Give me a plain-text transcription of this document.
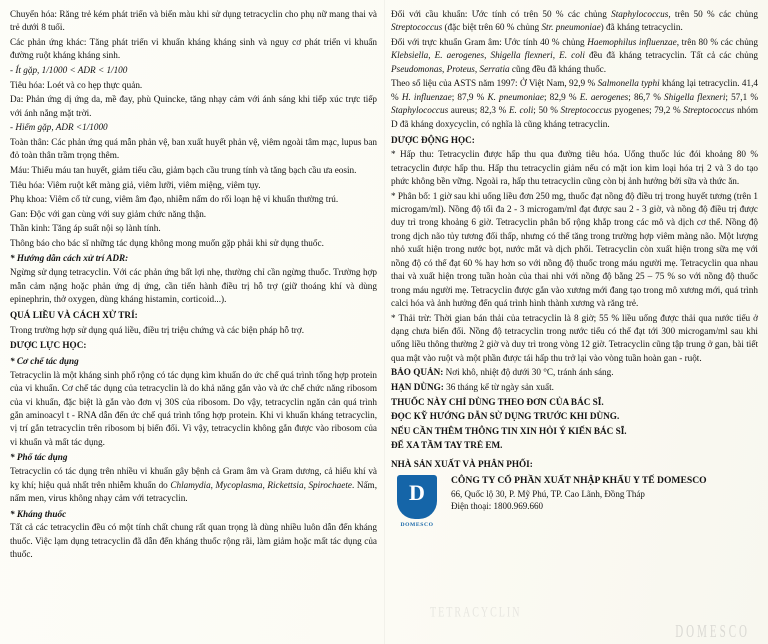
Chuyển hóa: Răng trẻ kém phát triển và biến màu khi sử dụng tetracyclin cho phụ nữ mang thai và trẻ dưới 8 tuổi.

Các phản ứng khác: Tăng phát triển vi khuẩn kháng kháng sinh và nguy cơ phát triển vi khuẩn đường ruột kháng kháng sinh.

- Ít gặp, 1/1000 < ADR < 1/100

Tiêu hóa: Loét và co hẹp thực quản.

Da: Phản ứng dị ứng da, mề đay, phù Quincke, tăng nhạy cảm với ánh sáng khi tiếp xúc trực tiếp với ánh nắng mặt trời.

- Hiếm gặp, ADR <1/1000

Toàn thân: Các phản ứng quá mẫn phản vệ, ban xuất huyết phản vệ, viêm ngoài tâm mạc, lupus ban đỏ toàn thân trầm trọng thêm.

Máu: Thiếu máu tan huyết, giảm tiểu cầu, giảm bạch cầu trung tính và tăng bạch cầu ưa eosin.

Tiêu hóa: Viêm ruột kết màng giả, viêm lưỡi, viêm miệng, viêm tụy.

Phụ khoa: Viêm cổ tử cung, viêm âm đạo, nhiễm nấm do rối loạn hệ vi khuẩn thường trú.

Gan: Độc với gan cùng với suy giảm chức năng thận.

Thần kinh: Tăng áp suất nội sọ lành tính.

Thông báo cho bác sĩ những tác dụng không mong muốn gặp phải khi sử dụng thuốc.

* Hướng dẫn cách xử trí ADR:

Ngừng sử dụng tetracyclin. Với các phản ứng bất lợi nhẹ, thường chỉ cần ngừng thuốc. Trường hợp mẫn cảm nặng hoặc phản ứng dị ứng, cần tiến hành điều trị hỗ trợ (giữ thoáng khí và dùng epinephrin, thở oxygen, dùng kháng histamin, corticoid...).

QUÁ LIỀU VÀ CÁCH XỬ TRÍ:

Trong trường hợp sử dụng quá liều, điều trị triệu chứng và các biện pháp hỗ trợ.

DƯỢC LỰC HỌC:

* Cơ chế tác dụng

Tetracyclin là một kháng sinh phổ rộng có tác dụng kìm khuẩn do ức chế quá trình tổng hợp protein của vi khuẩn. Cơ chế tác dụng của tetracyclin là do khả năng gắn vào và ức chế chức năng ribosom của vi khuẩn, đặc biệt là gắn vào đơn vị 30S của ribosom. Do vậy, tetracyclin ngăn cản quá trình gắn aminoacyl t - RNA dẫn đến ức chế quá trình tổng hợp protein. Khi vi khuẩn kháng tetracyclin, vị trí gắn tetracyclin trên ribosom bị biến đổi. Vì vậy, tetracyclin không gắn được vào ribosom của vi khuẩn và mất tác dụng.

* Phổ tác dụng

Tetracyclin có tác dụng trên nhiều vi khuẩn gây bệnh cả Gram âm và Gram dương, cả hiếu khí và kỵ khí; hiệu quả nhất trên nhiễm khuẩn do Chlamydia, Mycoplasma, Rickettsia, Spirochaete. Nấm, nấm men, virus không nhạy cảm với tetracyclin.

* Kháng thuốc

Tất cả các tetracyclin đều có một tính chất chung rất quan trọng là dùng nhiều luôn dẫn đến kháng thuốc. Việc lạm dụng tetracyclin đã dẫn đến kháng thuốc rộng rãi, làm giảm hoặc mất tác dụng của thuốc.

Đối với cầu khuẩn: Ước tính có trên 50 % các chủng Staphylococcus, trên 50 % các chủng Streptococcus (đặc biệt trên 60 % chủng Str. pneumoniae) đã kháng tetracyclin.

Đối với trực khuẩn Gram âm: Ước tính 40 % chủng Haemophilus influenzae, trên 80 % các chủng Klebsiella, E. aerogenes, Shigella flexneri, E. coli đều đã kháng tetracyclin. Tất cả các chủng Pseudomonas, Proteus, Serratia cũng đều đã kháng thuốc.

Theo số liệu của ASTS năm 1997: Ở Việt Nam, 92,9 % Salmonella typhi kháng lại tetracyclin. 41,4 % H. influenzae; 87,9 % K. pneumoniae; 82,9 % E. aerogenes; 86,7 % Shigella flexneri; 57,1 % Staphylococcus aureus; 82,3 % E. coli; 50 % Streptococcus pyogenes; 79,2 % Streptococcus nhóm D đã kháng doxycyclin, có nghĩa là cũng kháng tetracyclin.

DƯỢC ĐỘNG HỌC:

* Hấp thu: Tetracyclin được hấp thu qua đường tiêu hóa. Uống thuốc lúc đói khoảng 80 % tetracyclin được hấp thu. Hấp thu tetracyclin giảm nếu có mặt ion kim loại hóa trị 2 và 3 do tạo phức không bền vững. Ngoài ra, hấp thu tetracyclin cũng còn bị ảnh hưởng bởi sữa và thức ăn.

* Phân bố: 1 giờ sau khi uống liều đơn 250 mg, thuốc đạt nồng độ điều trị trong huyết tương (trên 1 microgam/ml). Nồng độ tối đa 2 - 3 microgam/ml đạt được sau 2 - 3 giờ, và nồng độ điều trị được duy trì trong khoảng 6 giờ. Tetracyclin phân bố rộng khắp trong các mô và dịch cơ thể. Nồng độ trong dịch não tủy tương đối thấp, nhưng có thể tăng trong trường hợp viêm màng não. Một lượng nhỏ xuất hiện trong nước bọt, nước mắt và dịch phổi. Tetracyclin còn xuất hiện trong sữa mẹ với nồng độ có thể đạt 60 % hay hơn so với nồng độ thuốc trong máu người mẹ. Tetracyclin qua nhau thai và xuất hiện trong tuần hoàn của thai nhi với nồng độ bằng 25 – 75 % so với nồng độ thuốc trong máu người mẹ. Tetracyclin được gắn vào xương mới đang tạo trong mô xương mới, quá trình calci hóa và ảnh hưởng đến quá trình hình thành xương và răng trẻ.

* Thải trừ: Thời gian bán thải của tetracyclin là 8 giờ; 55 % liều uống được thải qua nước tiểu ở dạng chưa biến đổi. Nồng độ tetracyclin trong nước tiểu có thể đạt tới 300 microgam/ml sau khi uống liều thông thường 2 giờ và duy trì trong vòng 12 giờ. Tetracyclin cũng tập trung ở gan, bài tiết qua mật vào ruột và một phần được tái hấp thu trở lại vào vòng tuần hoàn gan - ruột.

BẢO QUẢN: Nơi khô, nhiệt độ dưới 30 °C, tránh ánh sáng.

HẠN DÙNG: 36 tháng kể từ ngày sản xuất.

THUỐC NÀY CHỈ DÙNG THEO ĐƠN CỦA BÁC SĨ.

ĐỌC KỸ HƯỚNG DẪN SỬ DỤNG TRƯỚC KHI DÙNG.

NẾU CẦN THÊM THÔNG TIN XIN HỎI Ý KIẾN BÁC SĨ.

ĐỂ XA TẦM TAY TRẺ EM.

NHÀ SẢN XUẤT VÀ PHÂN PHỐI:

D
DOMESCO
CÔNG TY CỔ PHẦN XUẤT NHẬP KHẨU Y TẾ DOMESCO
66, Quốc lộ 30, P. Mỹ Phú, TP. Cao Lãnh, Đồng Tháp
Điện thoại: 1800.969.660
DOMESCO
TETRACYCLIN
